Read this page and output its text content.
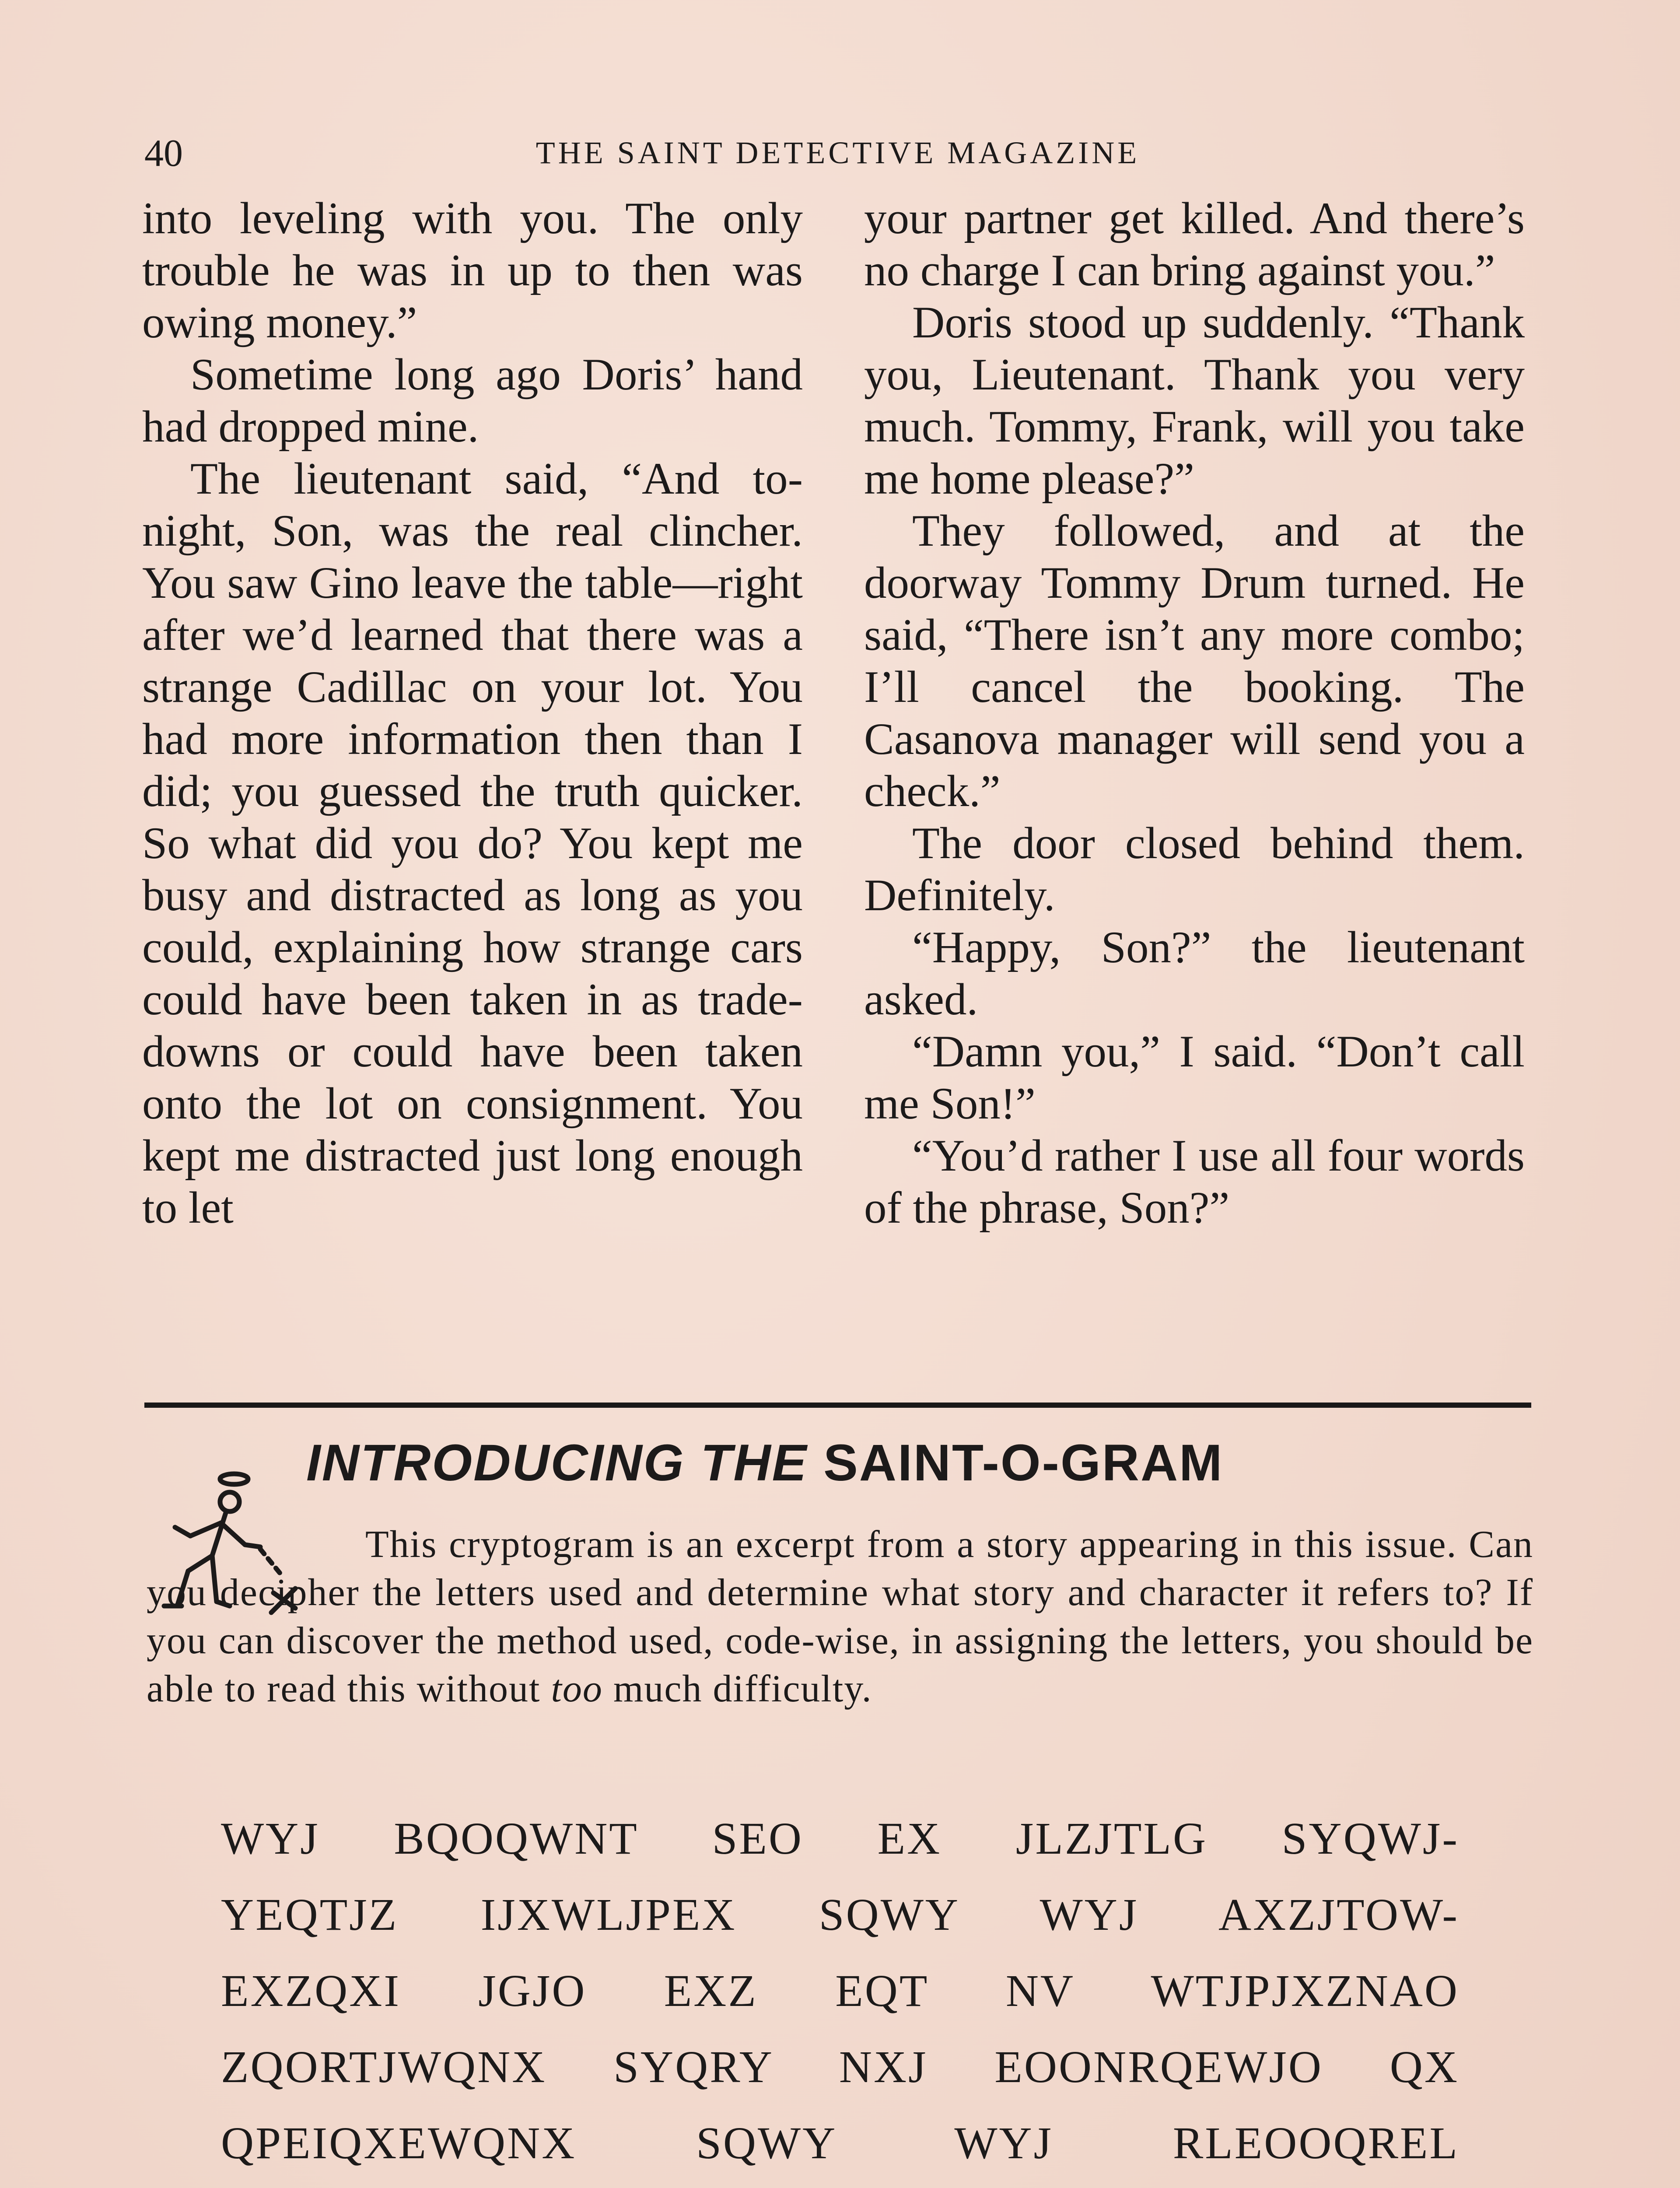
40	THE SAINT DETECTIVE MAGAZINE

into leveling with you. The only trouble he was in up to then was owing money.”

Sometime long ago Doris’ hand had dropped mine.

The lieutenant said, “And tonight, Son, was the real clincher. You saw Gino leave the table—right after we’d learned that there was a strange Cadillac on your lot. You had more information then than I did; you guessed the truth quicker. So what did you do? You kept me busy and distracted as long as you could, explaining how strange cars could have been taken in as trade-downs or could have been taken onto the lot on consignment. You kept me distracted just long enough to let

your partner get killed. And there’s no charge I can bring against you.”

Doris stood up suddenly. “Thank you, Lieutenant. Thank you very much. Tommy, Frank, will you take me home please?”

They followed, and at the doorway Tommy Drum turned. He said, “There isn’t any more combo; I’ll cancel the booking. The Casanova manager will send you a check.”

The door closed behind them. Definitely.

“Happy, Son?” the lieutenant asked.

“Damn you,” I said. “Don’t call me Son!”

“You’d rather I use all four words of the phrase, Son?”

INTRODUCING THE SAINT-O-GRAM

This cryptogram is an excerpt from a story appearing in this issue. Can you decipher the letters used and determine what story and character it refers to? If you can discover the method used, code-wise, in assigning the letters, you should be able to read this without too much difficulty.

WYJ BQOQWNT SEO EX JLZJTLG SYQWJ-
YEQTJZ IJXWLJPEX SQWY WYJ AXZJTOW-
EXZQXI JGJO EXZ EQT NV WTJPJXZNAO
ZQORTJWQNX SYQRY NXJ EOONRQEWJO QX
QPEIQXEWQNX SQWY WYJ RLEOOQREL
